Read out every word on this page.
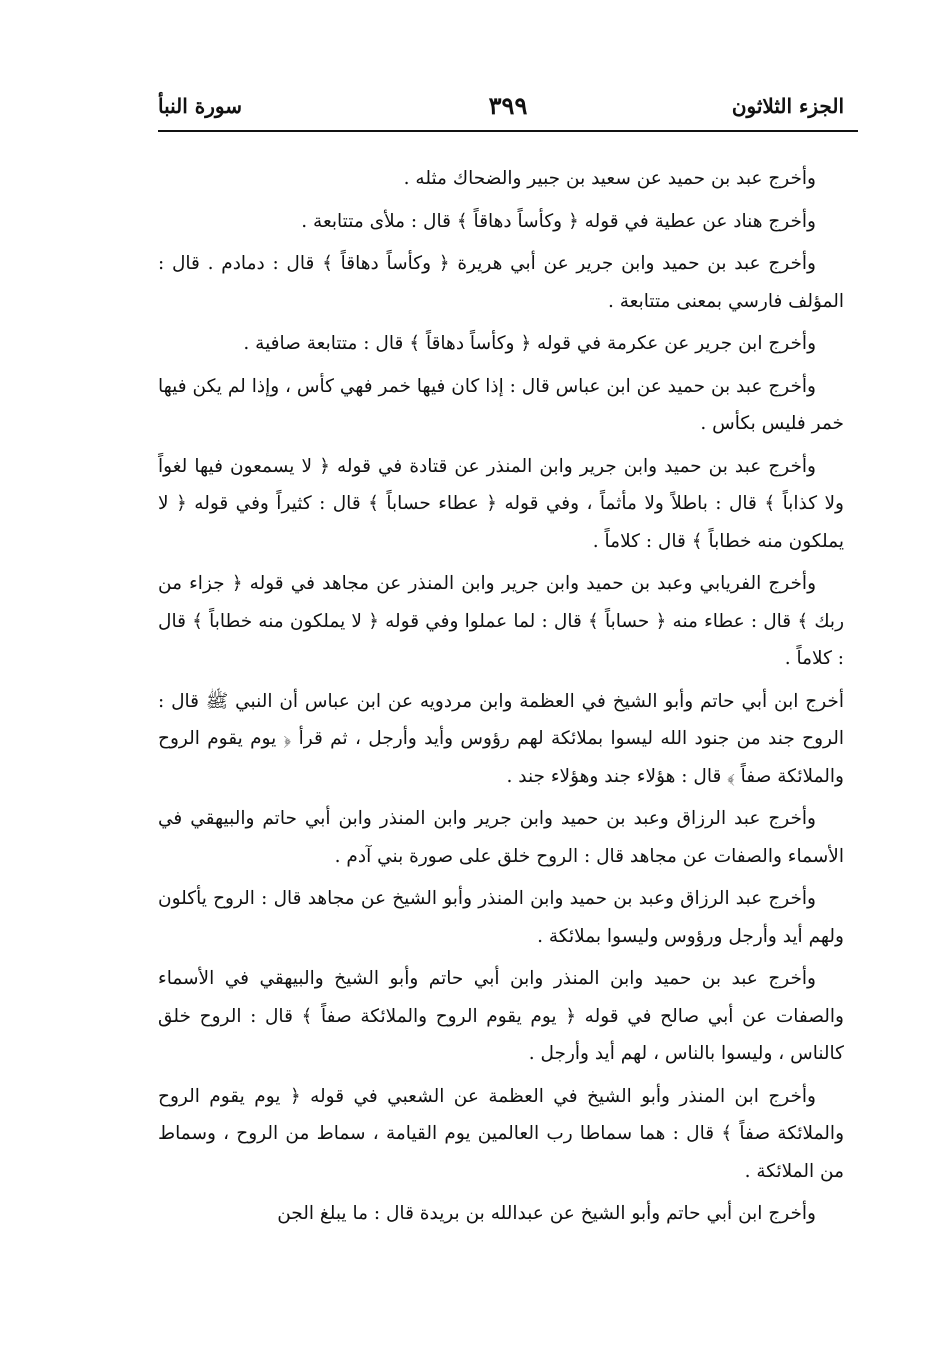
الجزء الثلاثون
٣٩٩
سورة النبأ

وأخرج عبد بن حميد عن سعيد بن جبير والضحاك مثله .

وأخرج هناد عن عطية في قوله ﴿ وكأساً دهاقاً ﴾ قال : ملأى متتابعة .

وأخرج عبد بن حميد وابن جرير عن أبي هريرة ﴿ وكأساً دهاقاً ﴾ قال : دمادم . قال : المؤلف فارسي بمعنى متتابعة .

وأخرج ابن جرير عن عكرمة في قوله ﴿ وكأساً دهاقاً ﴾ قال : متتابعة صافية .

وأخرج عبد بن حميد عن ابن عباس قال : إذا كان فيها خمر فهي كأس ، وإذا لم يكن فيها خمر فليس بكأس .

وأخرج عبد بن حميد وابن جرير وابن المنذر عن قتادة في قوله ﴿ لا يسمعون فيها لغواً ولا كذاباً ﴾ قال : باطلاً ولا مأثماً ، وفي قوله ﴿ عطاء حساباً ﴾ قال : كثيراً وفي قوله ﴿ لا يملكون منه خطاباً ﴾ قال : كلاماً .

وأخرج الفريابي وعبد بن حميد وابن جرير وابن المنذر عن مجاهد في قوله ﴿ جزاء من ربك ﴾ قال : عطاء منه ﴿ حساباً ﴾ قال : لما عملوا وفي قوله ﴿ لا يملكون منه خطاباً ﴾ قال : كلاماً .

أخرج ابن أبي حاتم وأبو الشيخ في العظمة وابن مردويه عن ابن عباس أن النبي ﷺ قال : الروح جند من جنود الله ليسوا بملائكة لهم رؤوس وأيد وأرجل ، ثم قرأ ﴿ يوم يقوم الروح والملائكة صفاً ﴾ قال : هؤلاء جند وهؤلاء جند .

وأخرج عبد الرزاق وعبد بن حميد وابن جرير وابن المنذر وابن أبي حاتم والبيهقي في الأسماء والصفات عن مجاهد قال : الروح خلق على صورة بني آدم .

وأخرج عبد الرزاق وعبد بن حميد وابن المنذر وأبو الشيخ عن مجاهد قال : الروح يأكلون ولهم أيد وأرجل ورؤوس وليسوا بملائكة .

وأخرج عبد بن حميد وابن المنذر وابن أبي حاتم وأبو الشيخ والبيهقي في الأسماء والصفات عن أبي صالح في قوله ﴿ يوم يقوم الروح والملائكة صفاً ﴾ قال : الروح خلق كالناس ، وليسوا بالناس ، لهم أيد وأرجل .

وأخرج ابن المنذر وأبو الشيخ في العظمة عن الشعبي في قوله ﴿ يوم يقوم الروح والملائكة صفاً ﴾ قال : هما سماطا رب العالمين يوم القيامة ، سماط من الروح ، وسماط من الملائكة .

وأخرج ابن أبي حاتم وأبو الشيخ عن عبدالله بن بريدة قال : ما يبلغ الجن
